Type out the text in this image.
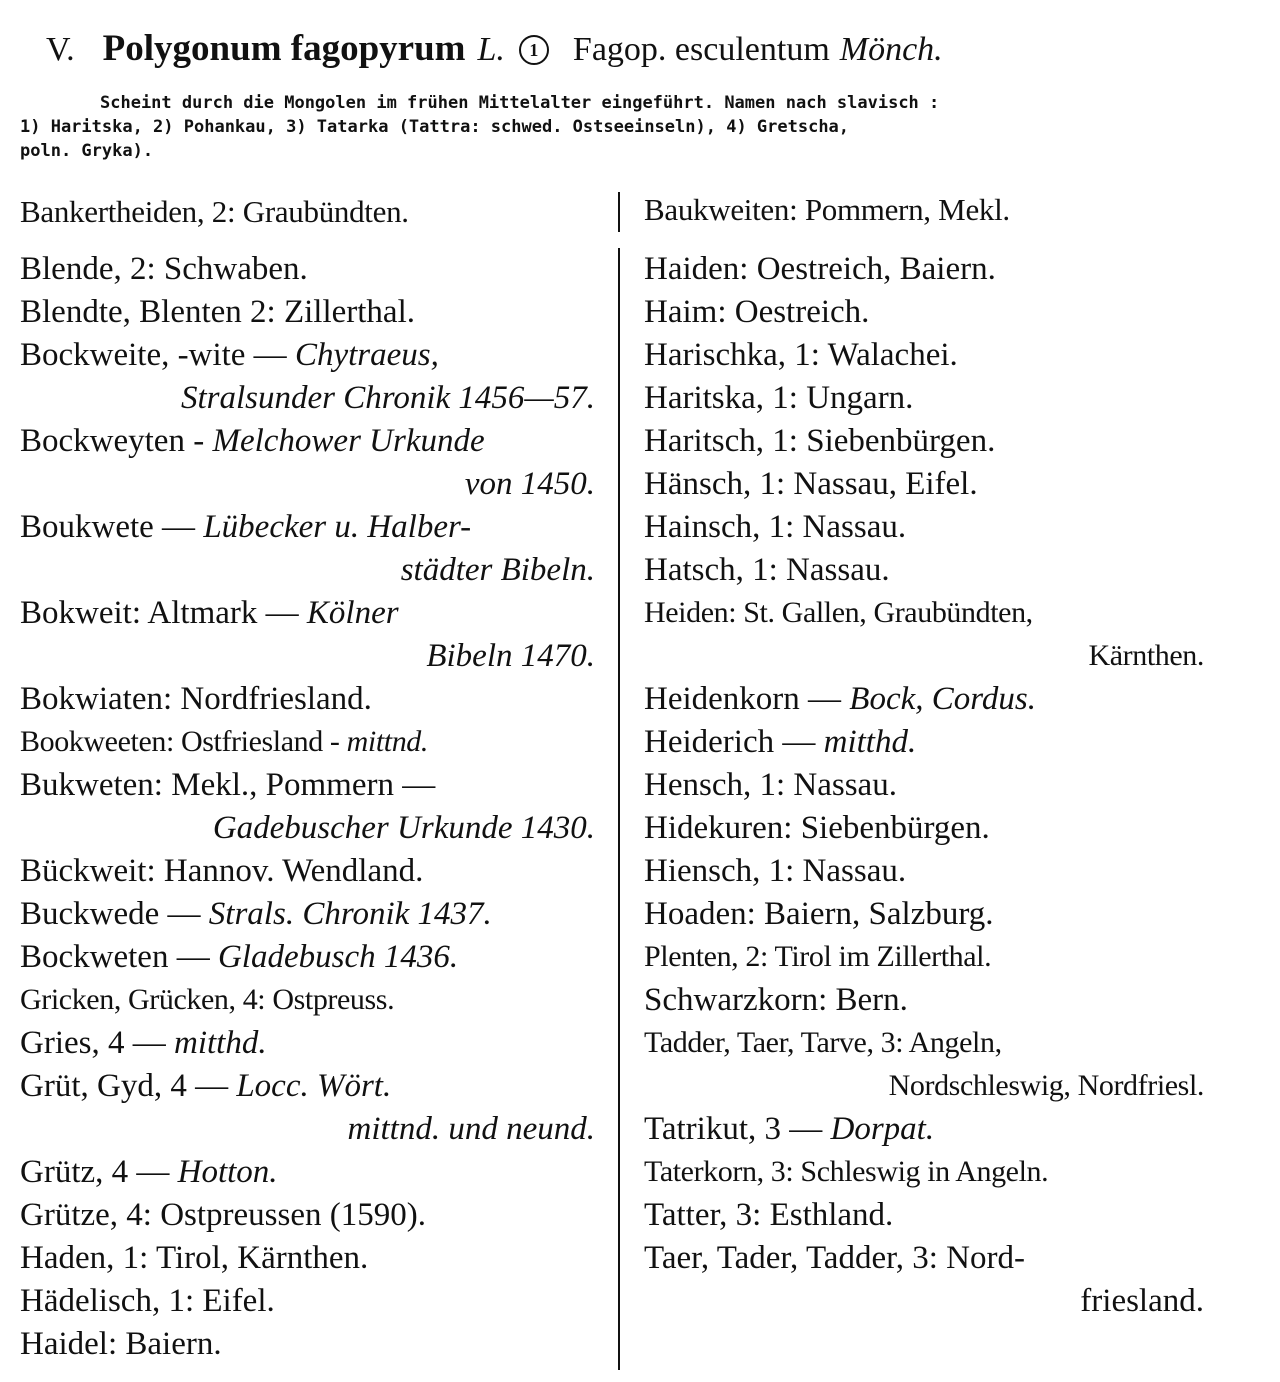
V. Polygonum fagopyrum L. 1 Fagop. esculentum Mönch.
Scheint durch die Mongolen im frühen Mittelalter eingeführt. Namen nach slavisch :
1) Haritska, 2) Pohankau, 3) Tatarka (Tattra: schwed. Ostseeinseln), 4) Gretscha,
poln. Gryka).
Bankertheiden, 2: Graubündten.
Blende, 2: Schwaben.
Blendte, Blenten 2: Zillerthal.
Bockweite, -wite — Chytraeus,
Stralsunder Chronik 1456—57.
Bockweyten - Melchower Urkunde
von 1450.
Boukwete — Lübecker u. Halber-
städter Bibeln.
Bokweit: Altmark — Kölner
Bibeln 1470.
Bokwiaten: Nordfriesland.
Bookweeten: Ostfriesland - mittnd.
Bukweten: Mekl., Pommern —
Gadebuscher Urkunde 1430.
Bückweit: Hannov. Wendland.
Buckwede — Strals. Chronik 1437.
Bockweten — Gladebusch 1436.
Gricken, Grücken, 4: Ostpreuss.
Gries, 4 — mitthd.
Grüt, Gyd, 4 — Locc. Wört.
mittnd. und neund.
Grütz, 4 — Hotton.
Grütze, 4: Ostpreussen (1590).
Haden, 1: Tirol, Kärnthen.
Hädelisch, 1: Eifel.
Haidel: Baiern.
Baukweiten: Pommern, Mekl.
Haiden: Oestreich, Baiern.
Haim: Oestreich.
Harischka, 1: Walachei.
Haritska, 1: Ungarn.
Haritsch, 1: Siebenbürgen.
Hänsch, 1: Nassau, Eifel.
Hainsch, 1: Nassau.
Hatsch, 1: Nassau.
Heiden: St. Gallen, Graubündten,
Kärnthen.
Heidenkorn — Bock, Cordus.
Heiderich — mitthd.
Hensch, 1: Nassau.
Hidekuren: Siebenbürgen.
Hiensch, 1: Nassau.
Hoaden: Baiern, Salzburg.
Plenten, 2: Tirol im Zillerthal.
Schwarzkorn: Bern.
Tadder, Taer, Tarve, 3: Angeln,
Nordschleswig, Nordfriesl.
Tatrikut, 3 — Dorpat.
Taterkorn, 3: Schleswig in Angeln.
Tatter, 3: Esthland.
Taer, Tader, Tadder, 3: Nord-
friesland.
